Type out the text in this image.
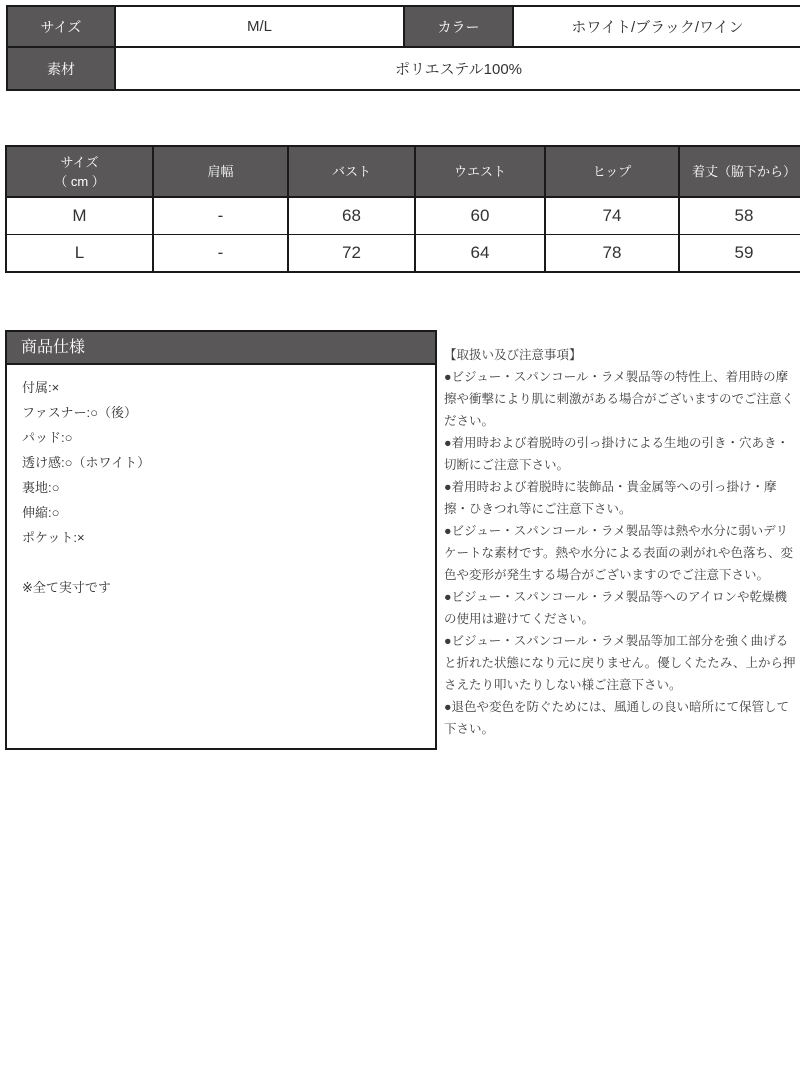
サイズ	M/L	カラー	ホワイト/ブラック/ワイン
素材	ポリエステル100%		
サイズ
（ cm ）	肩幅	バスト	ウエスト	ヒップ	着丈（脇下から）
M	-	68	60	74	58
L	-	72	64	78	59
商品仕様

付属:×

ファスナー:○（後）

パッド:○

透け感:○（ホワイト）

裏地:○

伸縮:○

ポケット:×

※全て実寸です

【取扱い及び注意事項】

●ビジュー・スパンコール・ラメ製品等の特性上、着用時の摩擦や衝撃により肌に刺激がある場合がございますのでご注意ください。

●着用時および着脱時の引っ掛けによる生地の引き・穴あき・切断にご注意下さい。

●着用時および着脱時に装飾品・貴金属等への引っ掛け・摩擦・ひきつれ等にご注意下さい。

●ビジュー・スパンコール・ラメ製品等は熱や水分に弱いデリケートな素材です。熱や水分による表面の剥がれや色落ち、変色や変形が発生する場合がございますのでご注意下さい。

●ビジュー・スパンコール・ラメ製品等へのアイロンや乾燥機の使用は避けてください。

●ビジュー・スパンコール・ラメ製品等加工部分を強く曲げると折れた状態になり元に戻りません。優しくたたみ、上から押さえたり叩いたりしない様ご注意下さい。

●退色や変色を防ぐためには、風通しの良い暗所にて保管して下さい。
